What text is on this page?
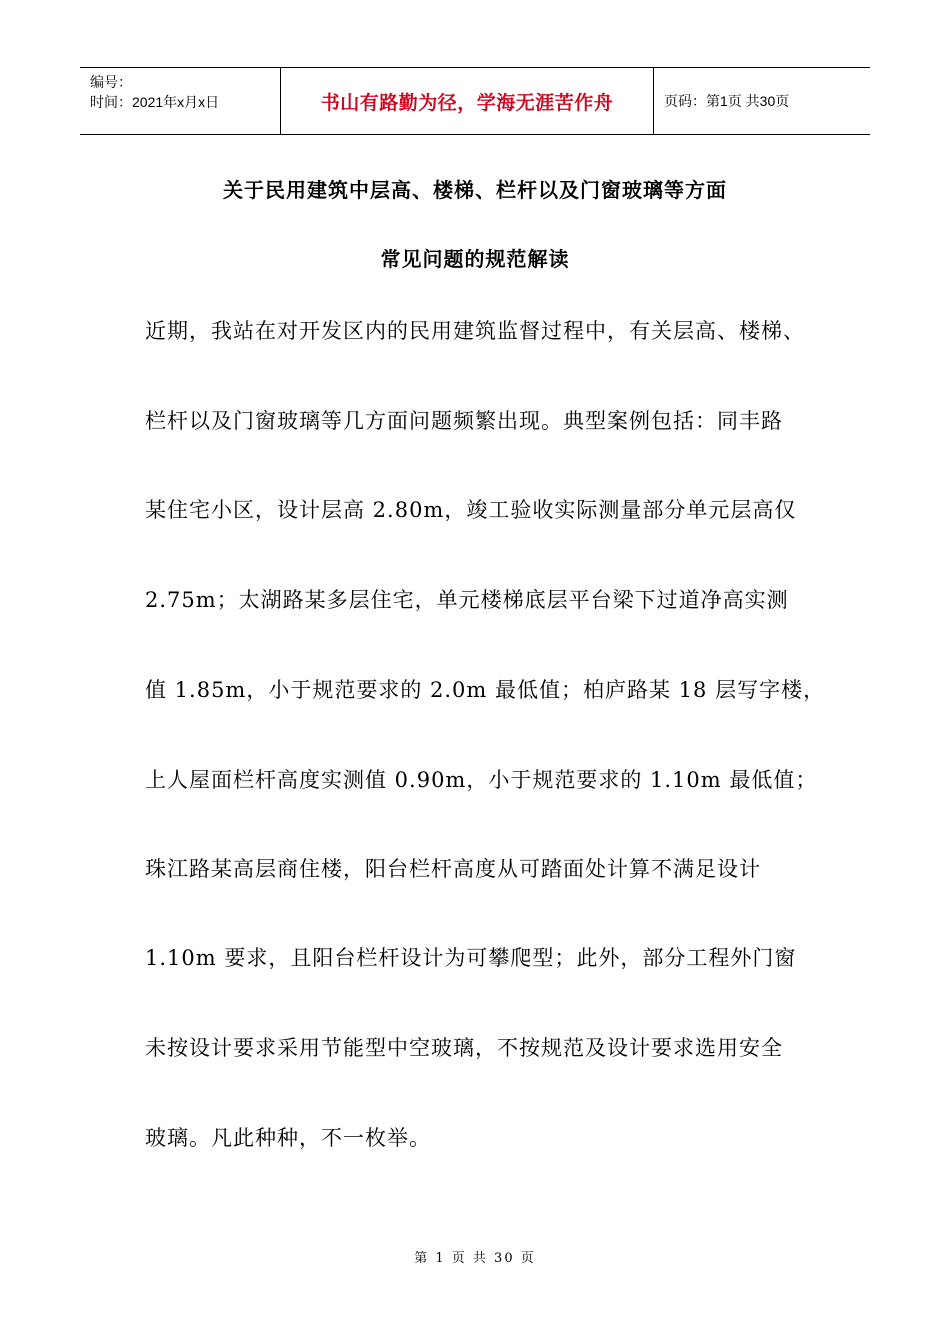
编号：
时间：2021年x月x日	书山有路勤为径，学海无涯苦作舟	页码：第1页 共30页
关于民用建筑中层高、楼梯、栏杆以及门窗玻璃等方面
常见问题的规范解读
近期，我站在对开发区内的民用建筑监督过程中，有关层高、楼梯、
栏杆以及门窗玻璃等几方面问题频繁出现。典型案例包括：同丰路
某住宅小区，设计层高 2.80m，竣工验收实际测量部分单元层高仅
2.75m；太湖路某多层住宅，单元楼梯底层平台梁下过道净高实测
值 1.85m，小于规范要求的 2.0m 最低值；柏庐路某 18 层写字楼，
上人屋面栏杆高度实测值 0.90m，小于规范要求的 1.10m 最低值；
珠江路某高层商住楼，阳台栏杆高度从可踏面处计算不满足设计
1.10m 要求，且阳台栏杆设计为可攀爬型；此外，部分工程外门窗
未按设计要求采用节能型中空玻璃，不按规范及设计要求选用安全
玻璃。凡此种种，不一枚举。
第 1 页 共 30 页
